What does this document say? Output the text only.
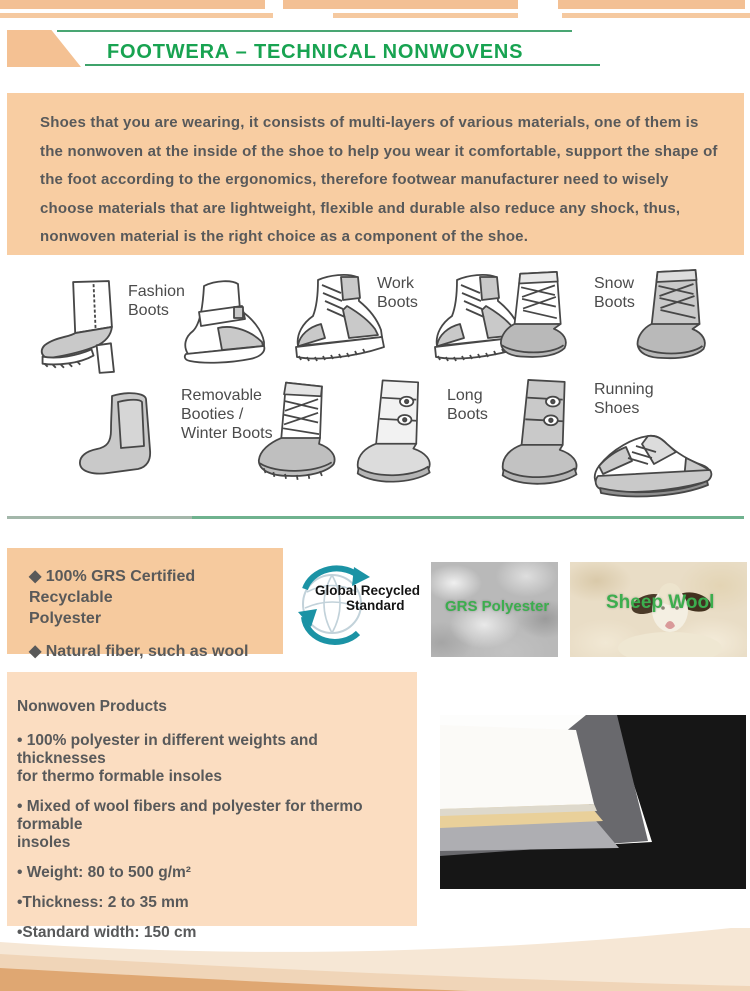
FOOTWERA – TECHNICAL NONWOVENS
Shoes that you are wearing, it consists of multi-layers of various materials, one of them is
the nonwoven at the inside of the shoe to help you wear it comfortable, support the shape of
the foot according to the ergonomics, therefore footwear manufacturer need to wisely
choose materials that are lightweight, flexible and durable also reduce any shock, thus,
nonwoven material is the right choice as a component of the shoe.
Fashion Boots
Work Boots
Snow Boots
Removable Booties / Winter Boots
Long Boots
Running Shoes
◆ 100% GRS Certified Recyclable
Polyester
◆ Natural fiber, such as wool
Global Recycled
Standard	GRS Polyester	Sheep Wool
Nonwoven Products
• 100% polyester in different weights and thicknesses
for thermo formable insoles
• Mixed of wool fibers and polyester for thermo formable
insoles
• Weight: 80 to 500 g/m²
•Thickness: 2 to 35 mm
•Standard width: 150 cm
